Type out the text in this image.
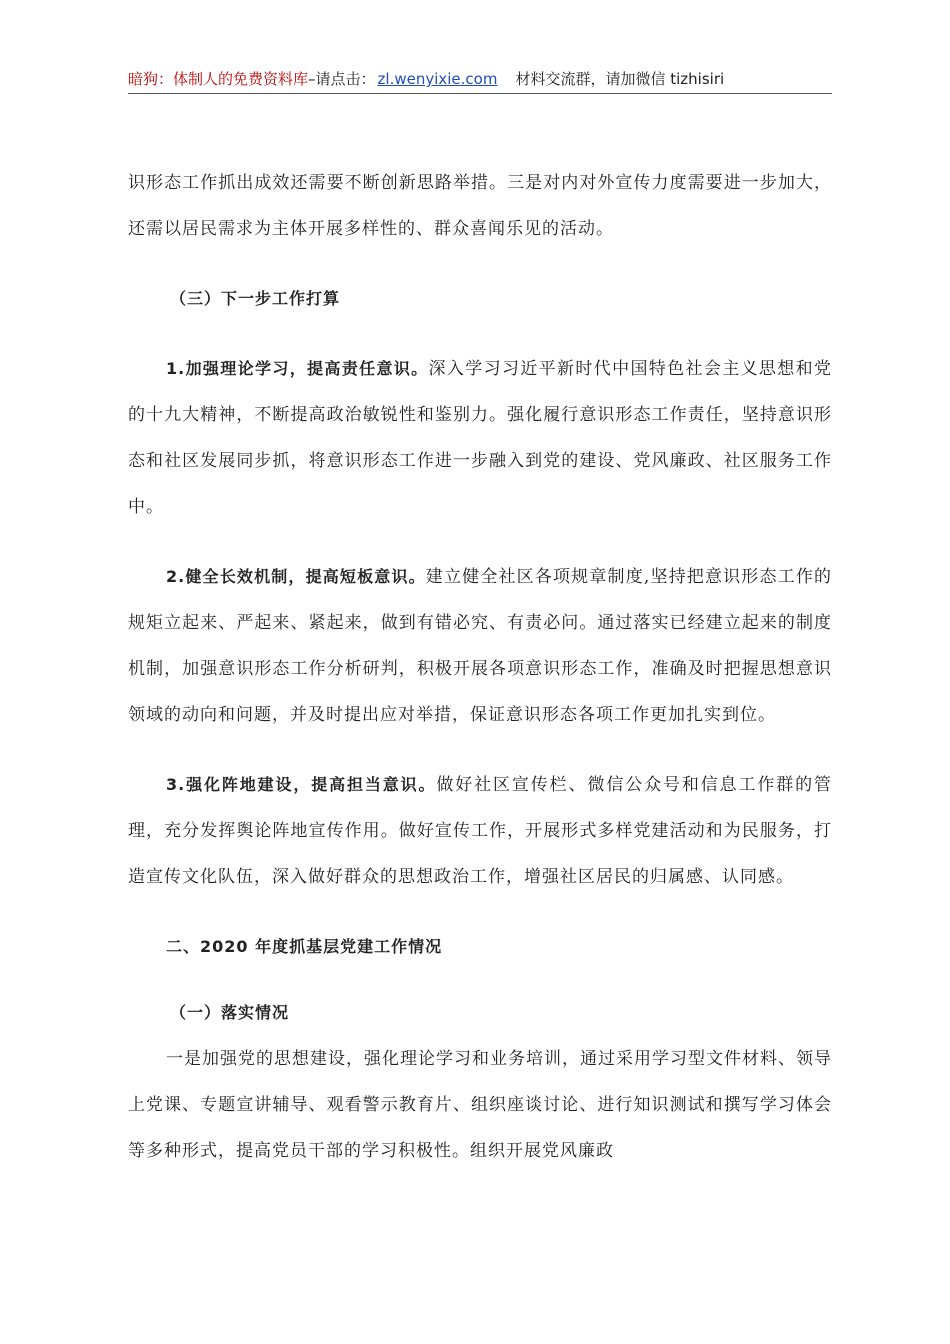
暗狗：体制人的免费资料库–请点击： zl.wenyixie.com 材料交流群，请加微信 tizhisiri

识形态工作抓出成效还需要不断创新思路举措。三是对内对外宣传力度需要进一步加大，还需以居民需求为主体开展多样性的、群众喜闻乐见的活动。

（三）下一步工作打算

1.加强理论学习，提高责任意识。深入学习习近平新时代中国特色社会主义思想和党的十九大精神，不断提高政治敏锐性和鉴别力。强化履行意识形态工作责任，坚持意识形态和社区发展同步抓，将意识形态工作进一步融入到党的建设、党风廉政、社区服务工作中。

2.健全长效机制，提高短板意识。建立健全社区各项规章制度,坚持把意识形态工作的规矩立起来、严起来、紧起来，做到有错必究、有责必问。通过落实已经建立起来的制度机制，加强意识形态工作分析研判，积极开展各项意识形态工作，准确及时把握思想意识领域的动向和问题，并及时提出应对举措，保证意识形态各项工作更加扎实到位。

3.强化阵地建设，提高担当意识。做好社区宣传栏、微信公众号和信息工作群的管理，充分发挥舆论阵地宣传作用。做好宣传工作，开展形式多样党建活动和为民服务，打造宣传文化队伍，深入做好群众的思想政治工作，增强社区居民的归属感、认同感。

二、2020 年度抓基层党建工作情况

（一）落实情况

一是加强党的思想建设，强化理论学习和业务培训，通过采用学习型文件材料、领导上党课、专题宣讲辅导、观看警示教育片、组织座谈讨论、进行知识测试和撰写学习体会等多种形式，提高党员干部的学习积极性。组织开展党风廉政
